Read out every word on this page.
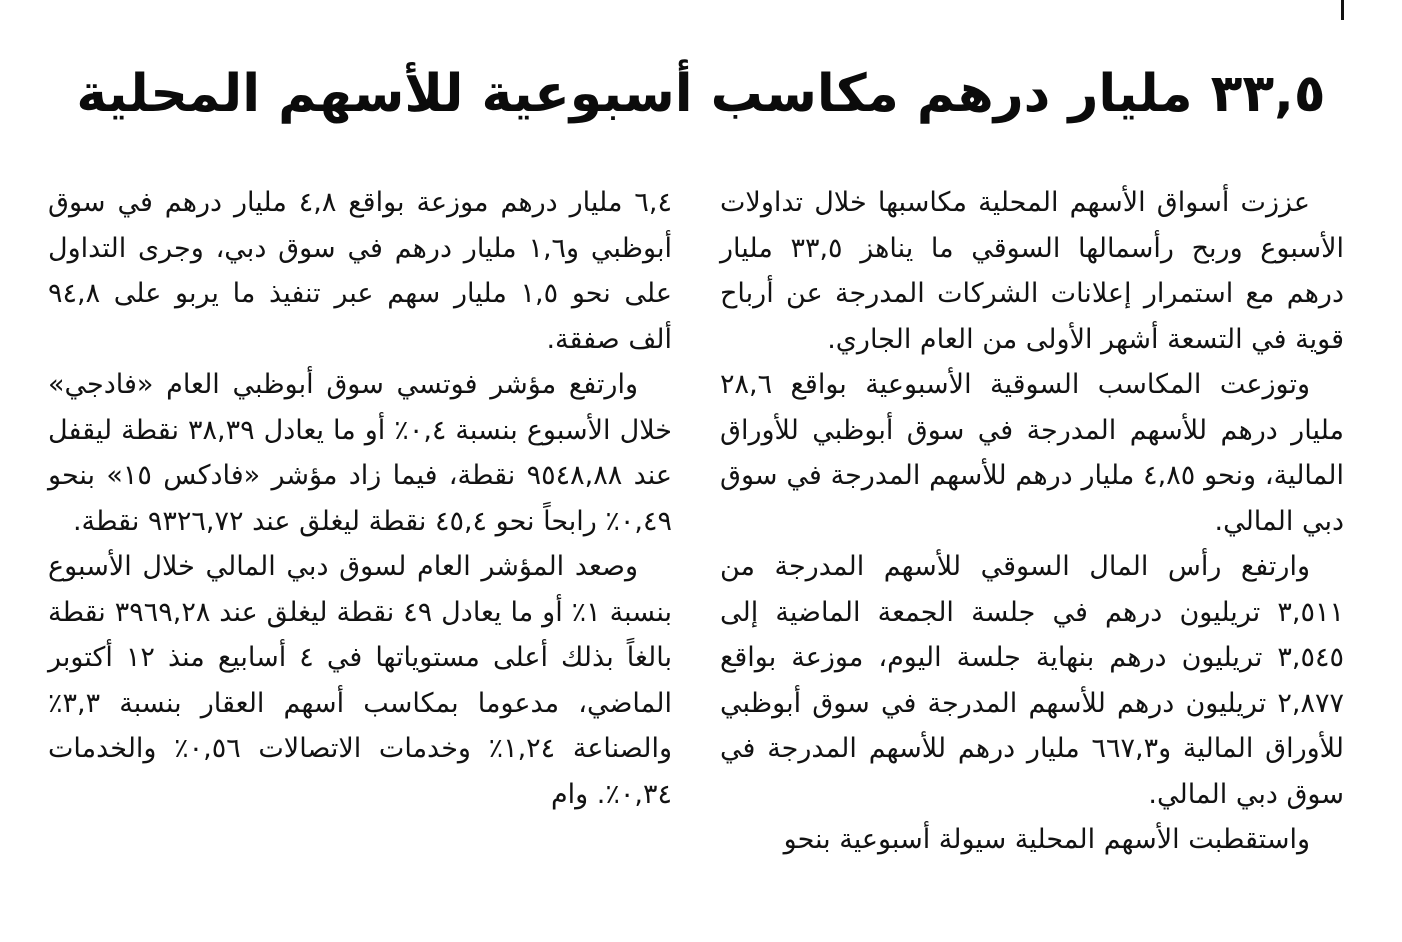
٣٣,٥ مليار درهم مكاسب أسبوعية للأسهم المحلية

عززت أسواق الأسهم المحلية مكاسبها خلال تداولات الأسبوع وربح رأسمالها السوقي ما يناهز ٣٣,٥ مليار درهم مع استمرار إعلانات الشركات المدرجة عن أرباح قوية في التسعة أشهر الأولى من العام الجاري.

وتوزعت المكاسب السوقية الأسبوعية بواقع ٢٨,٦ مليار درهم للأسهم المدرجة في سوق أبوظبي للأوراق المالية، ونحو ٤,٨٥ مليار درهم للأسهم المدرجة في سوق دبي المالي.

وارتفع رأس المال السوقي للأسهم المدرجة من ٣,٥١١ تريليون درهم في جلسة الجمعة الماضية إلى ٣,٥٤٥ تريليون درهم بنهاية جلسة اليوم، موزعة بواقع ٢,٨٧٧ تريليون درهم للأسهم المدرجة في سوق أبوظبي للأوراق المالية و٦٦٧,٣ مليار درهم للأسهم المدرجة في سوق دبي المالي.

واستقطبت الأسهم المحلية سيولة أسبوعية بنحو

٦,٤ مليار درهم موزعة بواقع ٤,٨ مليار درهم في سوق أبوظبي و١,٦ مليار درهم في سوق دبي، وجرى التداول على نحو ١,٥ مليار سهم عبر تنفيذ ما يربو على ٩٤,٨ ألف صفقة.

وارتفع مؤشر فوتسي سوق أبوظبي العام «فادجي» خلال الأسبوع بنسبة ٠,٤٪ أو ما يعادل ٣٨,٣٩ نقطة ليقفل عند ٩٥٤٨,٨٨ نقطة، فيما زاد مؤشر «فادكس ١٥» بنحو ٠,٤٩٪ رابحاً نحو ٤٥,٤ نقطة ليغلق عند ٩٣٢٦,٧٢ نقطة.

وصعد المؤشر العام لسوق دبي المالي خلال الأسبوع بنسبة ١٪ أو ما يعادل ٤٩ نقطة ليغلق عند ٣٩٦٩,٢٨ نقطة بالغاً بذلك أعلى مستوياتها في ٤ أسابيع منذ ١٢ أكتوبر الماضي، مدعوما بمكاسب أسهم العقار بنسبة ٣,٣٪ والصناعة ١,٢٤٪ وخدمات الاتصالات ٠,٥٦٪ والخدمات ٠,٣٤٪. وام
